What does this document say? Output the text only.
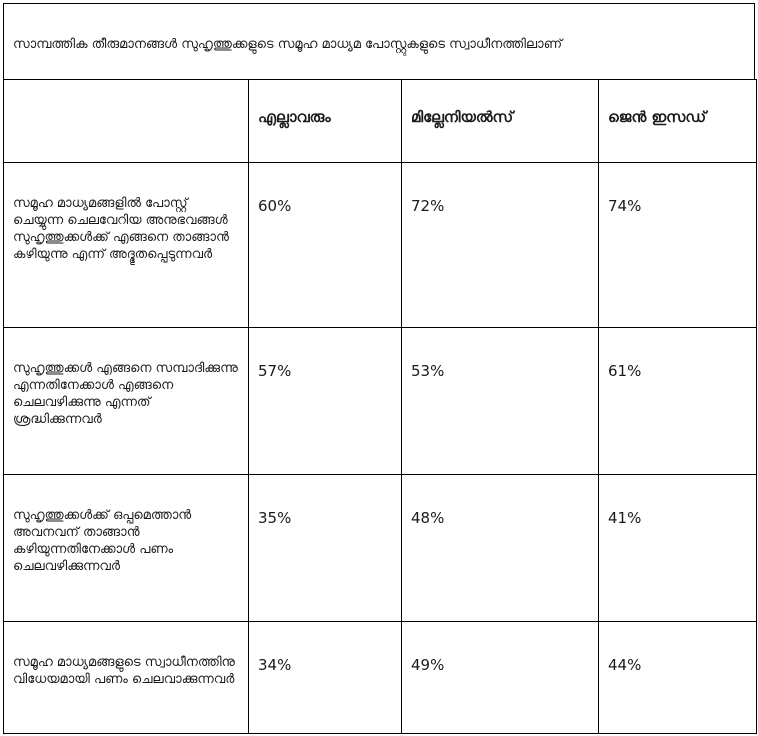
സാമ്പത്തിക തീരുമാനങ്ങൾ സുഹൃത്തുക്കളുടെ സമൂഹ മാധ്യമ പോസ്റ്റുകളുടെ സ്വാധീനത്തിലാണ്

	എല്ലാവരും	മില്ലേനിയൽസ്	ജെൻ ഇസഡ്

സമൂഹ മാധ്യമങ്ങളിൽ പോസ്റ്റ് ചെയ്യുന്ന ചെലവേറിയ അനുഭവങ്ങൾ സുഹൃത്തുക്കൾക്ക് എങ്ങനെ താങ്ങാൻ കഴിയുന്നു എന്ന് അദ്ഭുതപ്പെടുന്നവർ	60%	72%	74%

സുഹൃത്തുക്കൾ എങ്ങനെ സമ്പാദിക്കുന്നു എന്നതിനേക്കാൾ എങ്ങനെ ചെലവഴിക്കുന്നു എന്നത് ശ്രദ്ധിക്കുന്നവർ	57%	53%	61%

സുഹൃത്തുക്കൾക്ക് ഒപ്പമെത്താൻ അവനവന് താങ്ങാൻ കഴിയുന്നതിനേക്കാൾ പണം ചെലവഴിക്കുന്നവർ	35%	48%	41%

സമൂഹ മാധ്യമങ്ങളുടെ സ്വാധീനത്തിനു വിധേയമായി പണം ചെലവാക്കുന്നവർ	34%	49%	44%
